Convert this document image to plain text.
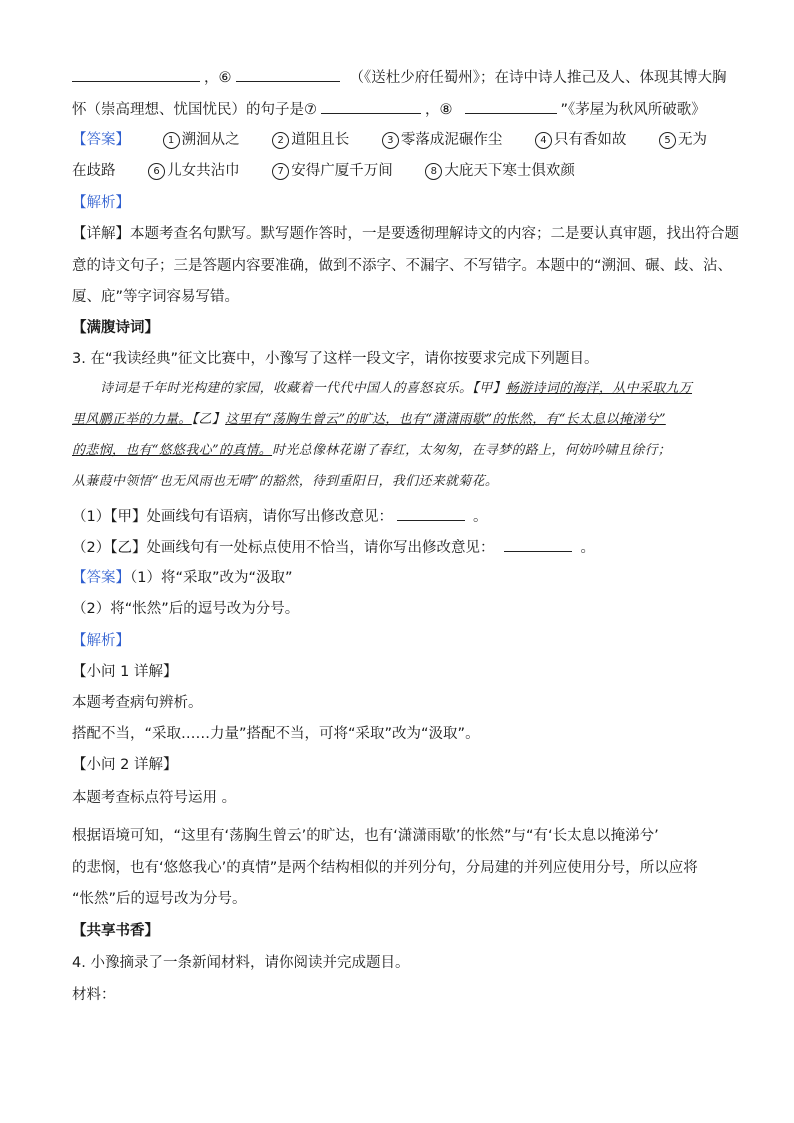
，⑥	（《送杜少府任蜀州》；在诗中诗人推己及人、体现其博大胸
怀（崇高理想、忧国忧民）的句子是⑦	，⑧	”《茅屋为秋风所破歌》
【答案】	1 溯洄从之	2 道阻且长	3 零落成泥碾作尘	4 只有香如故	5 无为
在歧路	6 儿女共沾巾	7 安得广厦千万间	8 大庇天下寒士俱欢颜
【解析】
【详解】本题考查名句默写。默写题作答时，一是要透彻理解诗文的内容；二是要认真审题，找出符合题
意的诗文句子；三是答题内容要准确，做到不添字、不漏字、不写错字。本题中的“溯洄、碾、歧、沾、
厦、庇”等字词容易写错。
【满腹诗词】
3. 在“我读经典”征文比赛中，小豫写了这样一段文字，请你按要求完成下列题目。
诗词是千年时光构建的家园，收藏着一代代中国人的喜怒哀乐。【甲】畅游诗词的海洋，从中采取九万
里风鹏正举的力量。【乙】这里有“荡胸生曾云”的旷达，也有“潇潇雨歇”的怅然，有“长太息以掩涕兮”
的悲悯，也有“悠悠我心”的真情。时光总像林花谢了春红，太匆匆，在寻梦的路上，何妨吟啸且徐行；
从蒹葭中领悟“也无风雨也无晴”的豁然，待到重阳日，我们还来就菊花。
（1）【甲】处画线句有语病，请你写出修改意见：	。
（2）【乙】处画线句有一处标点使用不恰当，请你写出修改意见：	。
【答案】（1）将“采取”改为“汲取”
（2）将“怅然”后的逗号改为分号。
【解析】
【小问 1 详解】
本题考查病句辨析。
搭配不当，“采取……力量”搭配不当，可将“采取”改为“汲取”。
【小问 2 详解】
本题考查标点符号运用 。
根据语境可知，“这里有‘荡胸生曾云’的旷达，也有‘潇潇雨歇’的怅然”与“有‘长太息以掩涕兮’
的悲悯，也有‘悠悠我心’的真情”是两个结构相似的并列分句，分局建的并列应使用分号，所以应将
“怅然”后的逗号改为分号。
【共享书香】
4. 小豫摘录了一条新闻材料，请你阅读并完成题目。
材料：
